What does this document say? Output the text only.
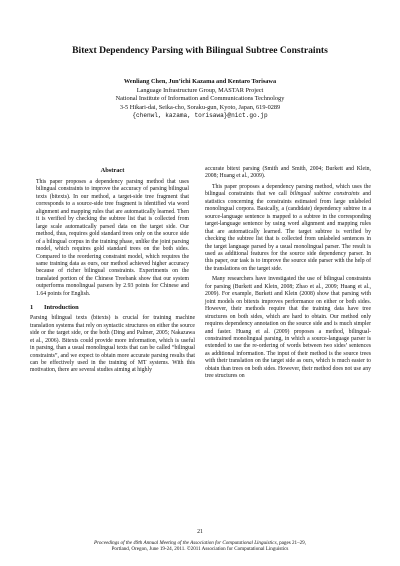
Bitext Dependency Parsing with Bilingual Subtree Constraints
Wenliang Chen, Jun’ichi Kazama and Kentaro Torisawa
Language Infrastructure Group, MASTAR Project
National Institute of Information and Communications Technology
3-5 Hikari-dai, Seika-cho, Soraku-gun, Kyoto, Japan, 619-0289
{chenwl, kazama, torisawa}@nict.go.jp
Abstract

This paper proposes a dependency parsing method that uses bilingual constraints to improve the accuracy of parsing bilingual texts (bitexts). In our method, a target-side tree fragment that corresponds to a source-side tree fragment is identified via word alignment and mapping rules that are automatically learned. Then it is verified by checking the subtree list that is collected from large scale automatically parsed data on the target side. Our method, thus, requires gold standard trees only on the source side of a bilingual corpus in the training phase, unlike the joint parsing model, which requires gold standard trees on the both sides. Compared to the reordering constraint model, which requires the same training data as ours, our method achieved higher accuracy because of richer bilingual constraints. Experiments on the translated portion of the Chinese Treebank show that our system outperforms monolingual parsers by 2.93 points for Chinese and 1.64 points for English.

1 Introduction

Parsing bilingual texts (bitexts) is crucial for training machine translation systems that rely on syntactic structures on either the source side or the target side, or the both (Ding and Palmer, 2005; Nakazawa et al., 2006). Bitexts could provide more information, which is useful in parsing, than a usual monolingual texts that can be called “bilingual constraints”, and we expect to obtain more accurate parsing results that can be effectively used in the training of MT systems. With this motivation, there are several studies aiming at highly

accurate bitext parsing (Smith and Smith, 2004; Burkett and Klein, 2008; Huang et al., 2009).

This paper proposes a dependency parsing method, which uses the bilingual constraints that we call bilingual subtree constraints and statistics concerning the constraints estimated from large unlabeled monolingual corpora. Basically, a (candidate) dependency subtree in a source-language sentence is mapped to a subtree in the corresponding target-language sentence by using word alignment and mapping rules that are automatically learned. The target subtree is verified by checking the subtree list that is collected from unlabeled sentences in the target language parsed by a usual monolingual parser. The result is used as additional features for the source side dependency parser. In this paper, our task is to improve the source side parser with the help of the translations on the target side.

Many researchers have investigated the use of bilingual constraints for parsing (Burkett and Klein, 2008; Zhao et al., 2009; Huang et al., 2009). For example, Burkett and Klein (2008) show that parsing with joint models on bitexts improves performance on either or both sides. However, their methods require that the training data have tree structures on both sides, which are hard to obtain. Our method only requires dependency annotation on the source side and is much simpler and faster. Huang et al. (2009) proposes a method, bilingual-constrained monolingual parsing, in which a source-language parser is extended to use the re-ordering of words between two sides’ sentences as additional information. The input of their method is the source trees with their translation on the target side as ours, which is much easier to obtain than trees on both sides. However, their method does not use any tree structures on

21
Proceedings of the 49th Annual Meeting of the Association for Computational Linguistics, pages 21–29,
Portland, Oregon, June 19-24, 2011. ©2011 Association for Computational Linguistics
